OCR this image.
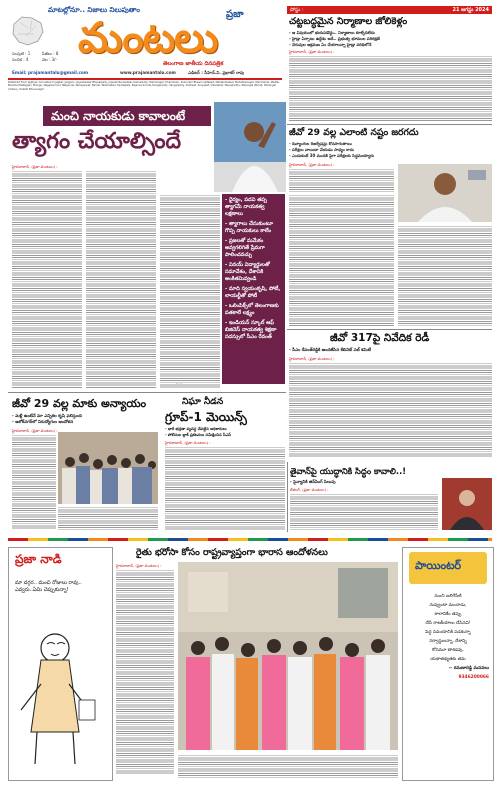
మాటల్లోనూ.. నిజాలు నిలుపుతాం	ప్రజా
మంటలు
సంపుటి : 1
సంచిక : 4
పేజీలు : 8
వెల : 3/-
తెలంగాణ జాతీయ దినపత్రిక
Email: prajamantalu@gmail.com	www.prajamantalu.com	ఎడిటర్ : సీహెచ్.వి. ప్రభాకర్ రావు
Published From Jagtiyal, Circulated In Jagtial, Jangaon, Jayashankar Bhupalpally, Jogulamba Gadwal, Kamareddy, Karimnagar, Khammam, Kumuram Bheem Asifabad, Mahabubabad, Mahabubnagar, Mancherial, Medak, Medchal Malkajgiri, Mulugu, Nagarkurnool, Nalgonda, Narayanpet, Nirmal, Nizamabad, Peddapalli, Rajanna Sircilla, Rangareddy, Sangareddy, Siddipet, Suryapet, Vikarabad, Wanaparthy, Warangal (Rural), Warangal (Urban), Yadadri Bhuvanagiri
పోస్టు :	21 ఆగస్టు 2024
చట్టబద్ధమైన నిర్మాణాల జోలికెళ్లం
- ఆ విషయంలో భయపడొద్దు.. నిర్మాణాలు కూల్చేదిలేదు
- హైడ్రా ఏర్పాటు ఉద్దేశం అదే.. ప్రభుత్వ భూముల పరిరక్షణే
- చెరువుల ఆక్రమణ ఏం చేయాలన్నా హైడ్రా పరిధిలోనే
హైదరాబాద్, (ప్రజా మంటలు) :
జీవో 29 వల్ల ఎలాంటి నష్టం జరగదు
- దివ్యాంగుల రిజర్వేషన్లు కొనసాగుతాయి
- పరీక్షలు వాయిదా వేయడం సాధ్యం కాదు
- ఎందుకంటే 30 మందికి పైగా పరీక్షలకు సిద్ధమయ్యారు
హైదరాబాద్, (ప్రజా మంటలు) :
జీవో 317పై నివేదిక రెడీ
- సీఎం రేవంత్‌రెడ్డికి అందజేసిన కేబినెట్ సబ్ కమిటీ
హైదరాబాద్, (ప్రజా మంటలు) :
మంచి నాయకుడు కావాలంటే
త్యాగం చేయాల్సిందే
హైదరాబాద్, (ప్రజా మంటలు) :
‑ ‑ ‑
- ధైర్యం, పదవి తప్ప త్యాగమే నాయకత్వ లక్షణాలు
- త్యాగాలు చేసుకుంటూ గొప్ప నాయకులు కాలేం
- ప్రజలతో మమేకం అవ్వగలిగితే ప్రేమగా పాలించవచ్చు
- వినయ్ విద్యార్థులతో సమావేశం, దేశానికి అంకితమివ్వండి
- మాది స్వయంకృషి, పోటీ, లాయల్టీతో పోటీ
- ఒలింపిక్స్‌లో తెలంగాణకు పతకాలే లక్ష్యం
- ఇండియన్ స్కూల్ ఆఫ్ బిజినెస్ నాయకత్వ శిక్షణా సదస్సులో సీఎం రేవంత్
జీవో 29 వల్ల మాకు అన్యాయం
- మళ్లీ ఉంటేనే మా ఎన్నికల కృషి ఫలిస్తుంది
- అశోక్‌నగర్‌లో నిరుద్యోగుల ఆందోళన
హైదరాబాద్, (ప్రజా మంటలు) :
నిఘా నీడన
గ్రూప్-1 మెయిన్స్
- భారీ భద్రతా వ్యవస్థ చేపట్టిన అధికారులు
- పోలీసుల బ్లాక్ ప్రకటనలు సమీక్షించిన సీఎస్
హైదరాబాద్, (ప్రజా మంటలు) :
తైవాన్‌పై యుద్ధానికి సిద్ధం కావాలి..!
- సైన్యానికి జిన్‌పింగ్ పిలుపు
బీజింగ్, (ప్రజా మంటలు) :
ప్రజా నాడి
మా దగ్గర.. మంచి రోజులు రావు.. ఎవ్వరు..ఏమి చెప్పుకున్నా!
రైతు భరోసా కోసం రాష్ట్రవ్యాప్తంగా భారాస ఆందోళనలు
హైదరాబాద్, (ప్రజా మంటలు) :	పాయింటర్
నుంచి బలిగేసేటి
నువ్వుంటా మంచాడు,
కాలానికేం తప్పు
చేసే రాజకీయాలు చేసినవి!
పెద్ద సమయానికి పడకున్నా
సర్వాస్థులన్నా, దేశాన్ని
కోసమూ తాకడవు,
యథాతథ్యతకు తమ
-- రమణారెడ్డి మనవలు
9346200066
